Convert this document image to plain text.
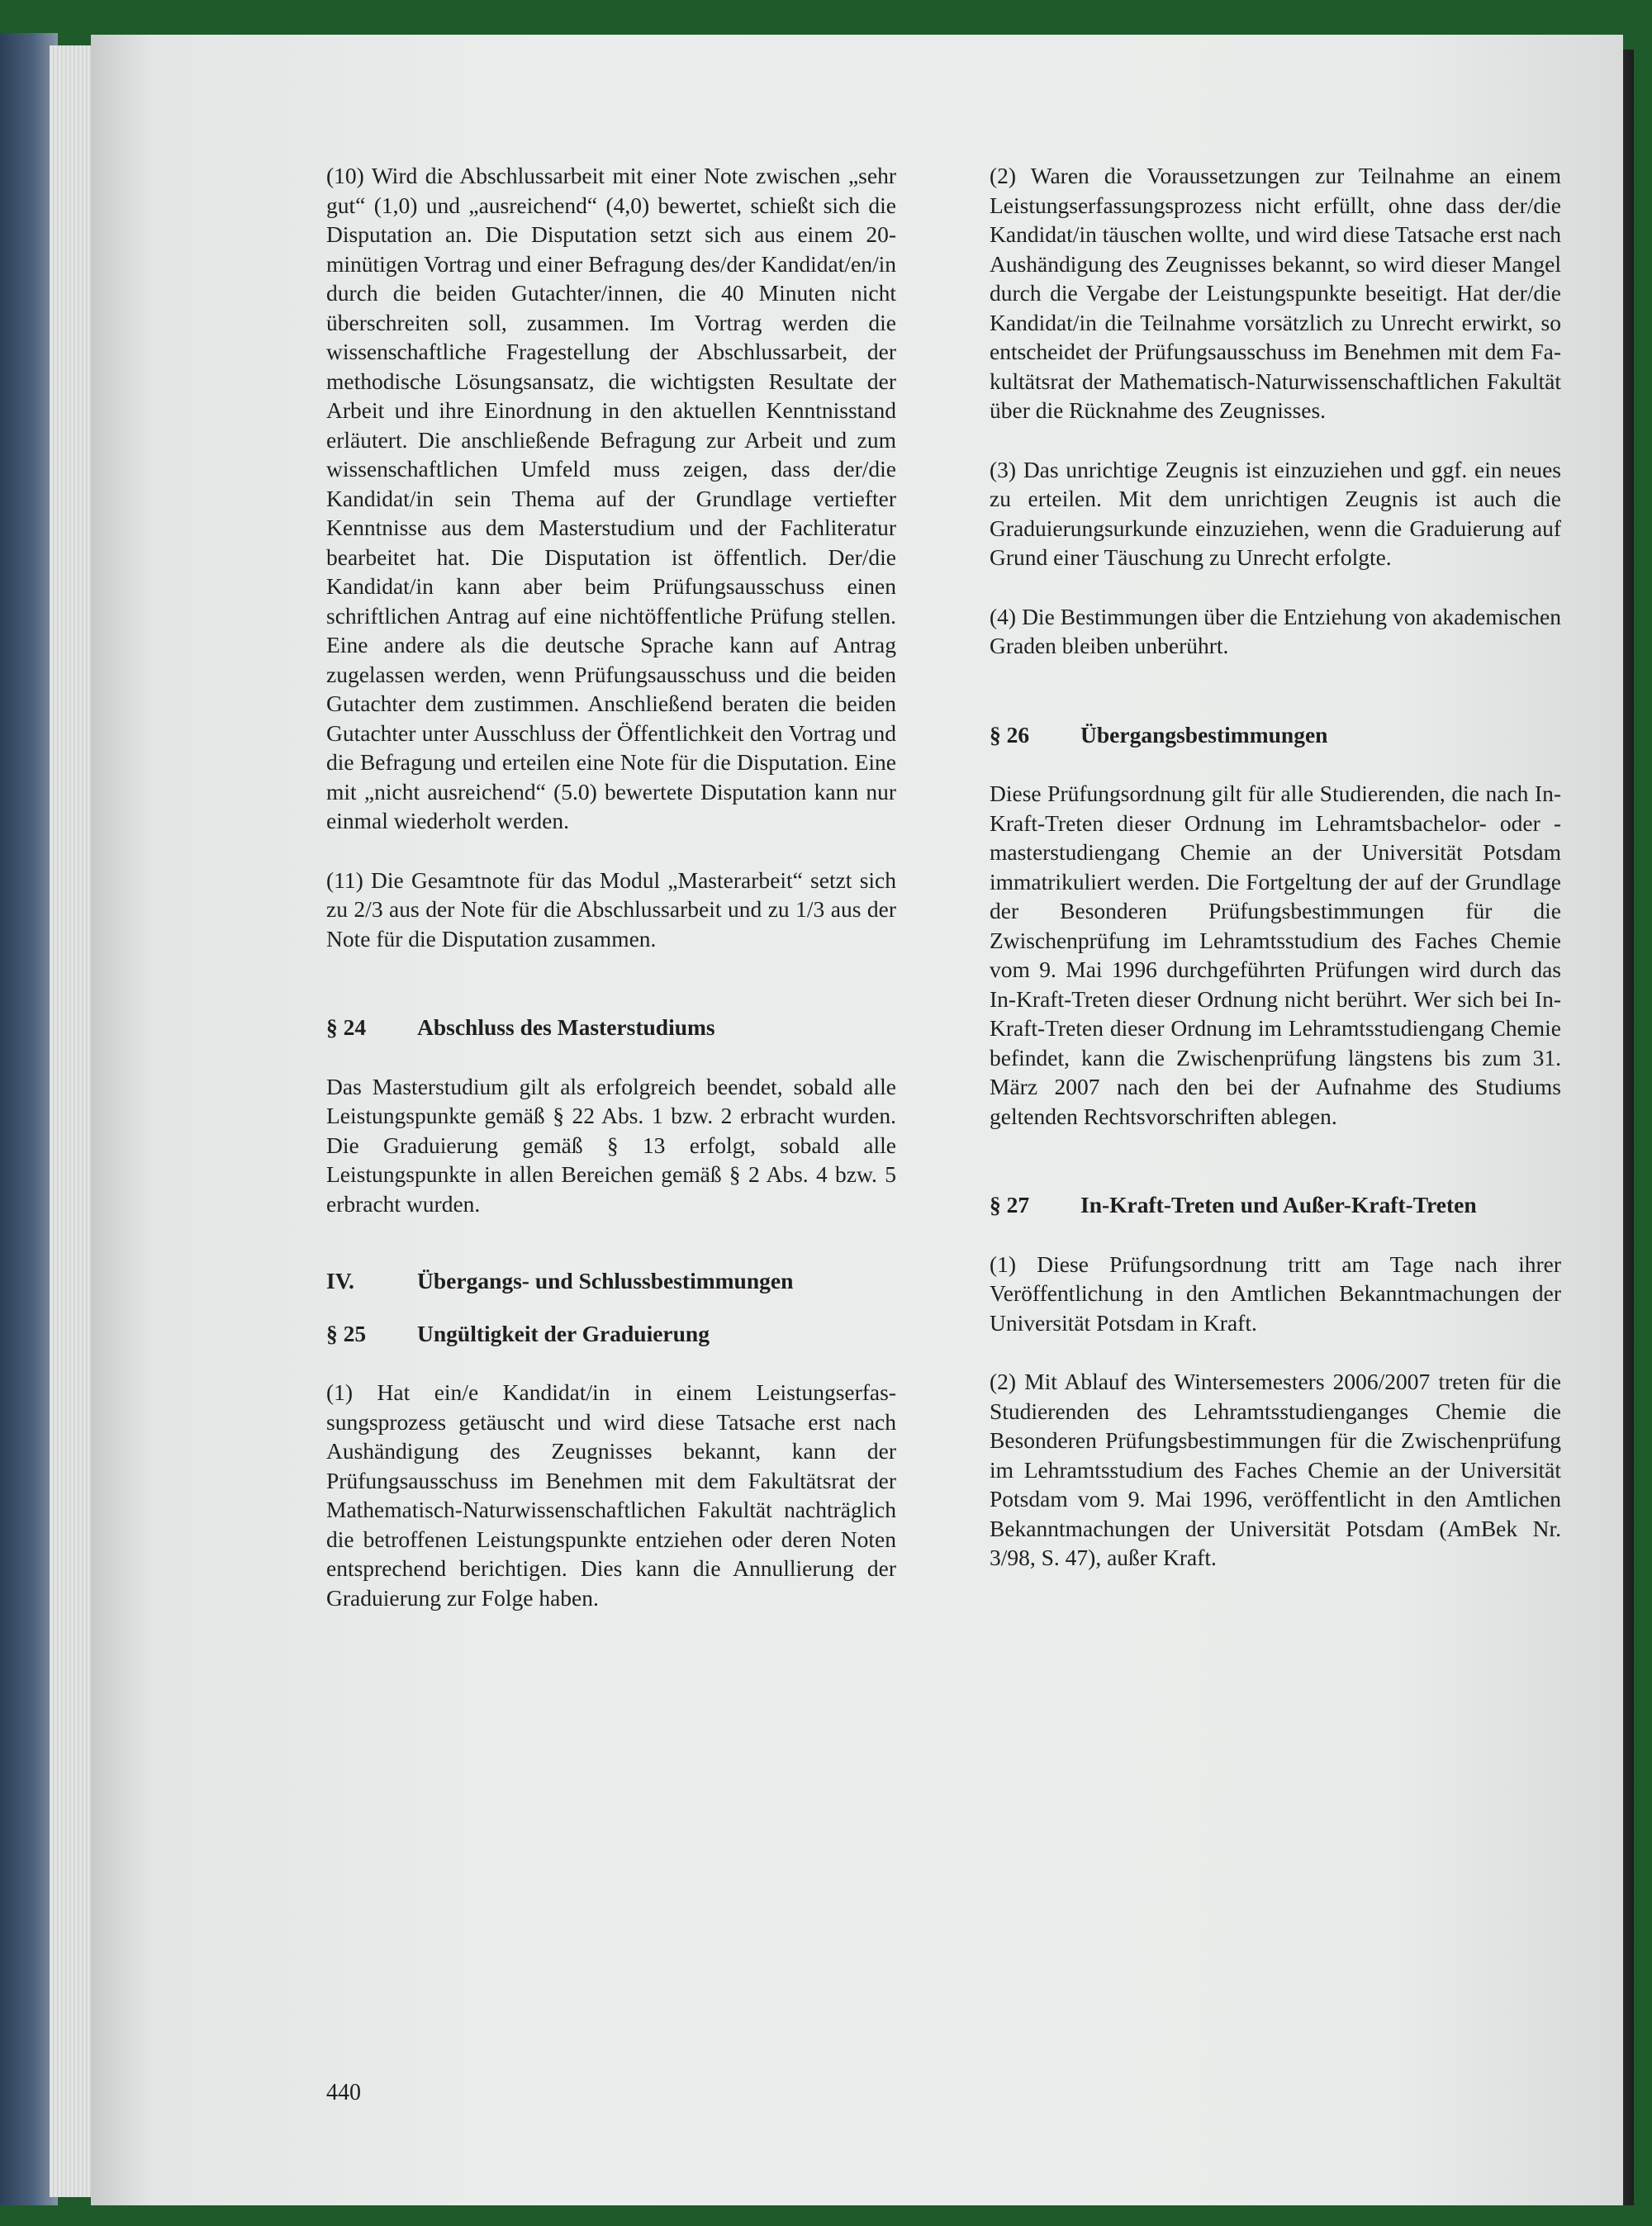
(10) Wird die Abschlussarbeit mit einer Note zwischen „sehr gut“ (1,0) und „ausreichend“ (4,0) bewertet, schießt sich die Disputation an. Die Disputation setzt sich aus einem 20-minütigen Vortrag und einer Befragung des/der Kandidat/en/in durch die beiden Gutachter/innen, die 40 Minuten nicht überschreiten soll, zusammen. Im Vortrag werden die wissenschaftliche Fragestellung der Abschlussarbeit, der methodische Lösungsansatz, die wichtigsten Resultate der Arbeit und ihre Einordnung in den aktuellen Kenntnisstand erläutert. Die anschließende Befragung zur Arbeit und zum wissenschaftlichen Umfeld muss zeigen, dass der/die Kandidat/in sein Thema auf der Grundlage vertiefter Kenntnisse aus dem Masterstudium und der Fachliteratur bearbeitet hat. Die Disputation ist öffentlich. Der/die Kandidat/in kann aber beim Prüfungsausschuss einen schriftlichen Antrag auf eine nichtöffentliche Prüfung stellen. Eine andere als die deutsche Sprache kann auf Antrag zugelassen werden, wenn Prüfungsausschuss und die beiden Gutachter dem zustimmen. Anschließend beraten die beiden Gutachter unter Ausschluss der Öffentlichkeit den Vortrag und die Befragung und erteilen eine Note für die Disputation. Eine mit „nicht ausreichend“ (5.0) bewertete Disputation kann nur einmal wiederholt werden.

(11) Die Gesamtnote für das Modul „Masterarbeit“ setzt sich zu 2/3 aus der Note für die Abschlussarbeit und zu 1/3 aus der Note für die Disputation zusammen.

§ 24 Abschluss des Masterstudiums

Das Masterstudium gilt als erfolgreich beendet, sobald alle Leistungspunkte gemäß § 22 Abs. 1 bzw. 2 erbracht wurden. Die Graduierung gemäß § 13 erfolgt, sobald alle Leistungspunkte in allen Bereichen gemäß § 2 Abs. 4 bzw. 5 erbracht wurden.

IV.	Übergangs- und Schlussbestimmungen
§ 25 Ungültigkeit der Graduierung

(1) Hat ein/e Kandidat/in in einem Leistungserfassungsprozess getäuscht und wird diese Tatsache erst nach Aushändigung des Zeugnisses bekannt, kann der Prüfungsausschuss im Benehmen mit dem Fakultätsrat der Mathematisch-Naturwissenschaftlichen Fakultät nachträglich die betroffenen Leistungspunkte entziehen oder deren Noten entsprechend berichtigen. Dies kann die Annullierung der Graduierung zur Folge haben.

(2) Waren die Voraussetzungen zur Teilnahme an einem Leistungserfassungsprozess nicht erfüllt, ohne dass der/die Kandidat/in täuschen wollte, und wird diese Tatsache erst nach Aushändigung des Zeugnisses bekannt, so wird dieser Mangel durch die Vergabe der Leistungspunkte beseitigt. Hat der/die Kandidat/in die Teilnahme vorsätzlich zu Unrecht erwirkt, so entscheidet der Prüfungsausschuss im Benehmen mit dem Fakultätsrat der Mathematisch-Naturwissenschaftlichen Fakultät über die Rücknahme des Zeugnisses.

(3) Das unrichtige Zeugnis ist einzuziehen und ggf. ein neues zu erteilen. Mit dem unrichtigen Zeugnis ist auch die Graduierungsurkunde einzuziehen, wenn die Graduierung auf Grund einer Täuschung zu Unrecht erfolgte.

(4) Die Bestimmungen über die Entziehung von akademischen Graden bleiben unberührt.

§ 26 Übergangsbestimmungen

Diese Prüfungsordnung gilt für alle Studierenden, die nach In-Kraft-Treten dieser Ordnung im Lehramtsbachelor- oder -masterstudiengang Chemie an der Universität Potsdam immatrikuliert werden. Die Fortgeltung der auf der Grundlage der Besonderen Prüfungsbestimmungen für die Zwischenprüfung im Lehramtsstudium des Faches Chemie vom 9. Mai 1996 durchgeführten Prüfungen wird durch das In-Kraft-Treten dieser Ordnung nicht berührt. Wer sich bei In-Kraft-Treten dieser Ordnung im Lehramtsstudiengang Chemie befindet, kann die Zwischenprüfung längstens bis zum 31. März 2007 nach den bei der Aufnahme des Studiums geltenden Rechtsvorschriften ablegen.

§ 27 In-Kraft-Treten und Außer-Kraft-Treten

(1) Diese Prüfungsordnung tritt am Tage nach ihrer Veröffentlichung in den Amtlichen Bekanntmachungen der Universität Potsdam in Kraft.

(2) Mit Ablauf des Wintersemesters 2006/2007 treten für die Studierenden des Lehramtsstudienganges Chemie die Besonderen Prüfungsbestimmungen für die Zwischenprüfung im Lehramtsstudium des Faches Chemie an der Universität Potsdam vom 9. Mai 1996, veröffentlicht in den Amtlichen Bekanntmachungen der Universität Potsdam (AmBek Nr. 3/98, S. 47), außer Kraft.

440
